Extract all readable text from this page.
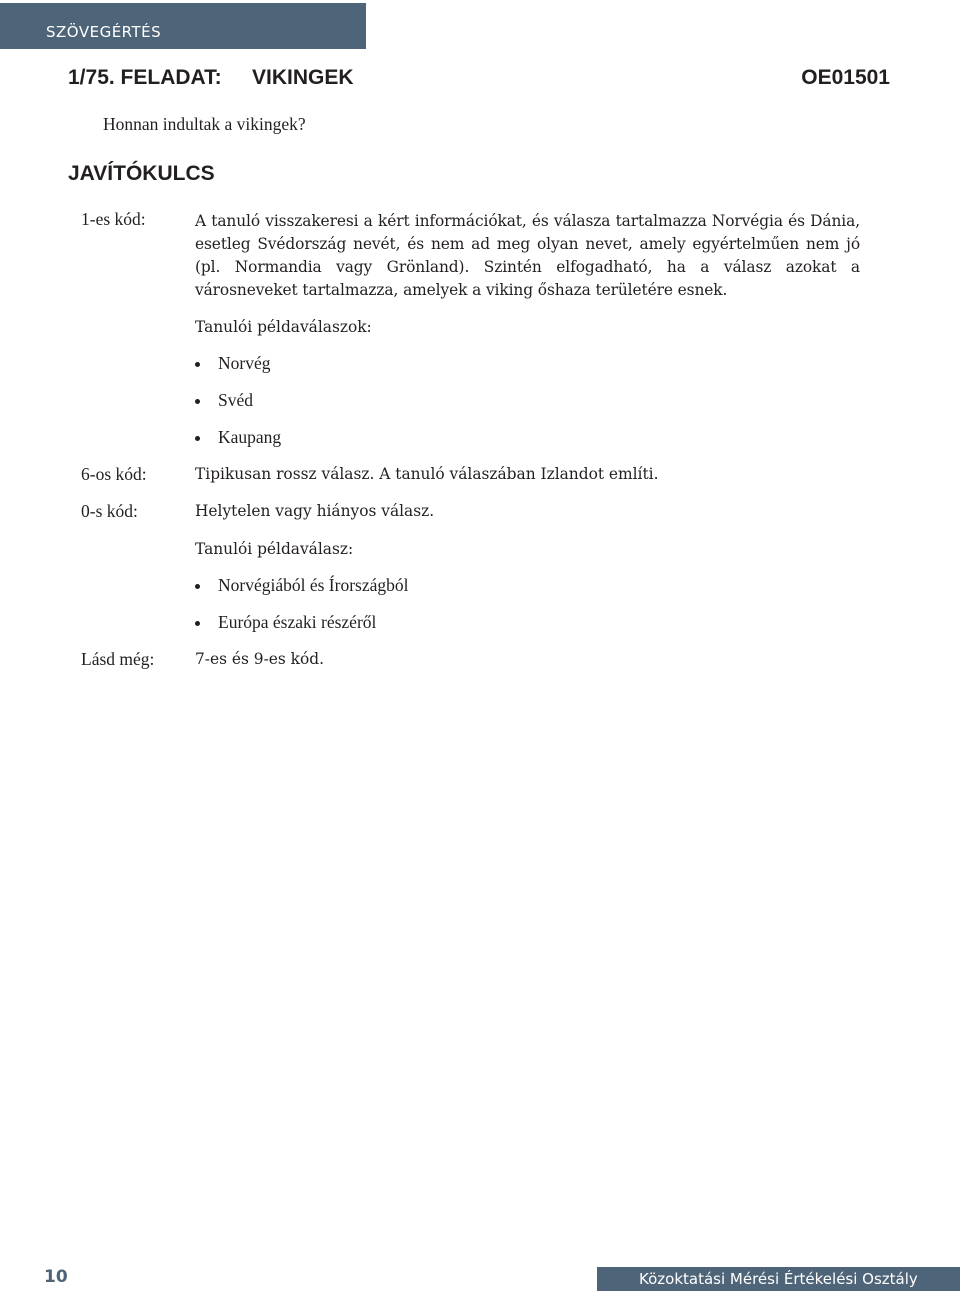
SZÖVEGÉRTÉS
1/75. FELADAT: VIKINGEK	OE01501
Honnan indultak a vikingek?
JAVÍTÓKULCS
1-es kód:	A tanuló visszakeresi a kért információkat, és válasza tartalmazza Norvégia és Dánia, esetleg Svédország nevét, és nem ad meg olyan nevet, amely egyértelműen nem jó (pl. Normandia vagy Grönland). Szintén elfogadható, ha a válasz azokat a városneveket tartalmazza, amelyek a viking őshaza területére esnek.
Tanulói példaválaszok:
Norvég
Svéd
Kaupang
6-os kód:	Tipikusan rossz válasz. A tanuló válaszában Izlandot említi.
0-s kód:	Helytelen vagy hiányos válasz.
Tanulói példaválasz:
Norvégiából és Írországból
Európa északi részéről
Lásd még:	7-es és 9-es kód.
10	Közoktatási Mérési Értékelési Osztály
